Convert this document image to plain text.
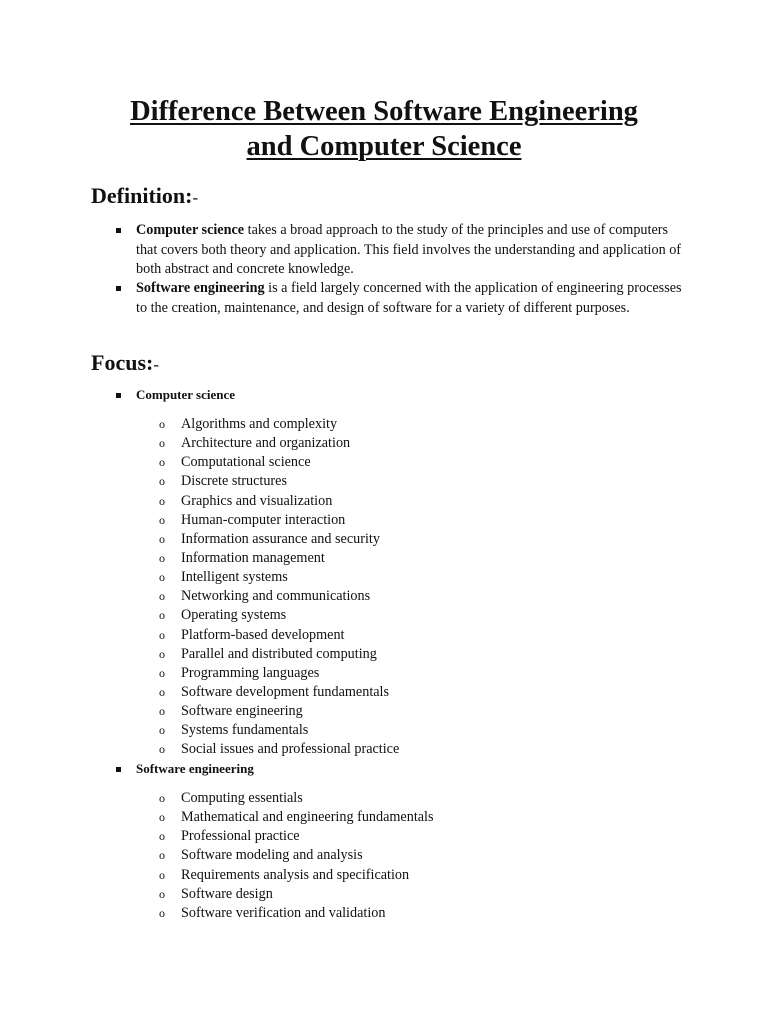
Difference Between Software Engineering
and Computer Science
Definition:-
Computer science takes a broad approach to the study of the principles and use of computers that covers both theory and application. This field involves the understanding and application of both abstract and concrete knowledge.
Software engineering is a field largely concerned with the application of engineering processes to the creation, maintenance, and design of software for a variety of different purposes.
Focus:-
Computer science
o Algorithms and complexity
o Architecture and organization
o Computational science
o Discrete structures
o Graphics and visualization
o Human-computer interaction
o Information assurance and security
o Information management
o Intelligent systems
o Networking and communications
o Operating systems
o Platform-based development
o Parallel and distributed computing
o Programming languages
o Software development fundamentals
o Software engineering
o Systems fundamentals
o Social issues and professional practice
Software engineering
o Computing essentials
o Mathematical and engineering fundamentals
o Professional practice
o Software modeling and analysis
o Requirements analysis and specification
o Software design
o Software verification and validation
